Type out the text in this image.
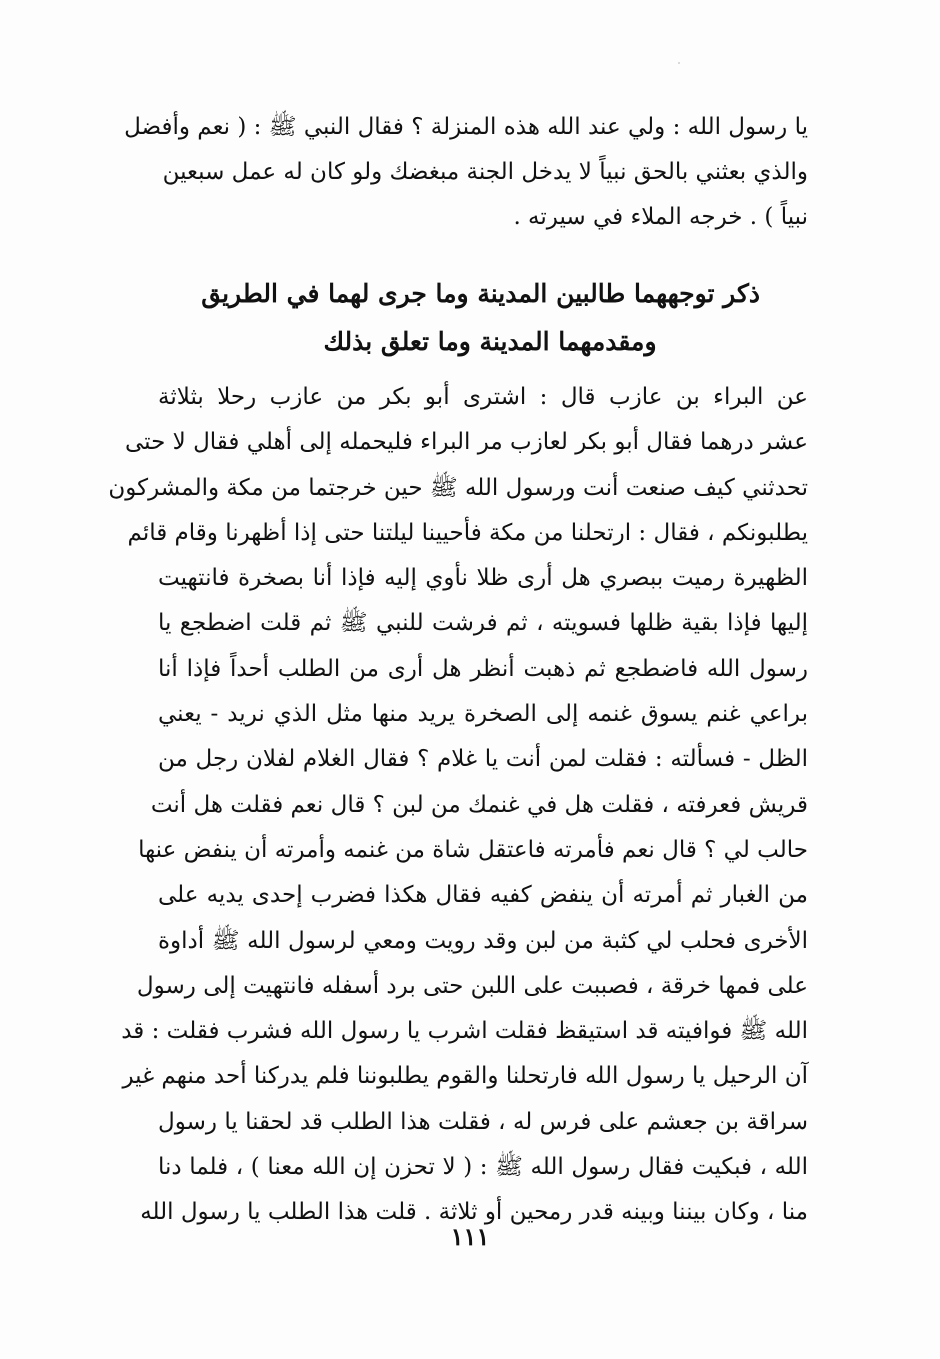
يا رسول الله : ولي عند الله هذه المنزلة ؟ فقال النبي ﷺ : ( نعم وأفضل
والذي بعثني بالحق نبياً لا يدخل الجنة مبغضك ولو كان له عمل سبعين
نبياً ) . خرجه الملاء في سيرته .
ذكر توجههما طالبين المدينة وما جرى لهما في الطريق
ومقدمهما المدينة وما تعلق بذلك
عن البراء بن عازب قال : اشترى أبو بكر من عازب رحلا بثلاثة
عشر درهما فقال أبو بكر لعازب مر البراء فليحمله إلى أهلي فقال لا حتى
تحدثني كيف صنعت أنت ورسول الله ﷺ حين خرجتما من مكة والمشركون
يطلبونكم ، فقال : ارتحلنا من مكة فأحيينا ليلتنا حتى إذا أظهرنا وقام قائم
الظهيرة رميت ببصري هل أرى ظلا نأوي إليه فإذا أنا بصخرة فانتهيت
إليها فإذا بقية ظلها فسويته ، ثم فرشت للنبي ﷺ ثم قلت اضطجع يا
رسول الله فاضطجع ثم ذهبت أنظر هل أرى من الطلب أحداً فإذا أنا
براعي غنم يسوق غنمه إلى الصخرة يريد منها مثل الذي نريد - يعني
الظل - فسألته : فقلت لمن أنت يا غلام ؟ فقال الغلام لفلان رجل من
قريش فعرفته ، فقلت هل في غنمك من لبن ؟ قال نعم فقلت هل أنت
حالب لي ؟ قال نعم فأمرته فاعتقل شاة من غنمه وأمرته أن ينفض عنها
من الغبار ثم أمرته أن ينفض كفيه فقال هكذا فضرب إحدى يديه على
الأخرى فحلب لي كثبة من لبن وقد رويت ومعي لرسول الله ﷺ أداوة
على فمها خرقة ، فصببت على اللبن حتى برد أسفله فانتهيت إلى رسول
الله ﷺ فوافيته قد استيقظ فقلت اشرب يا رسول الله فشرب فقلت : قد
آن الرحيل يا رسول الله فارتحلنا والقوم يطلبوننا فلم يدركنا أحد منهم غير
سراقة بن جعشم على فرس له ، فقلت هذا الطلب قد لحقنا يا رسول
الله ، فبكيت فقال رسول الله ﷺ : ( لا تحزن إن الله معنا ) ، فلما دنا
منا ، وكان بيننا وبينه قدر رمحين أو ثلاثة . قلت هذا الطلب يا رسول الله
١١١
